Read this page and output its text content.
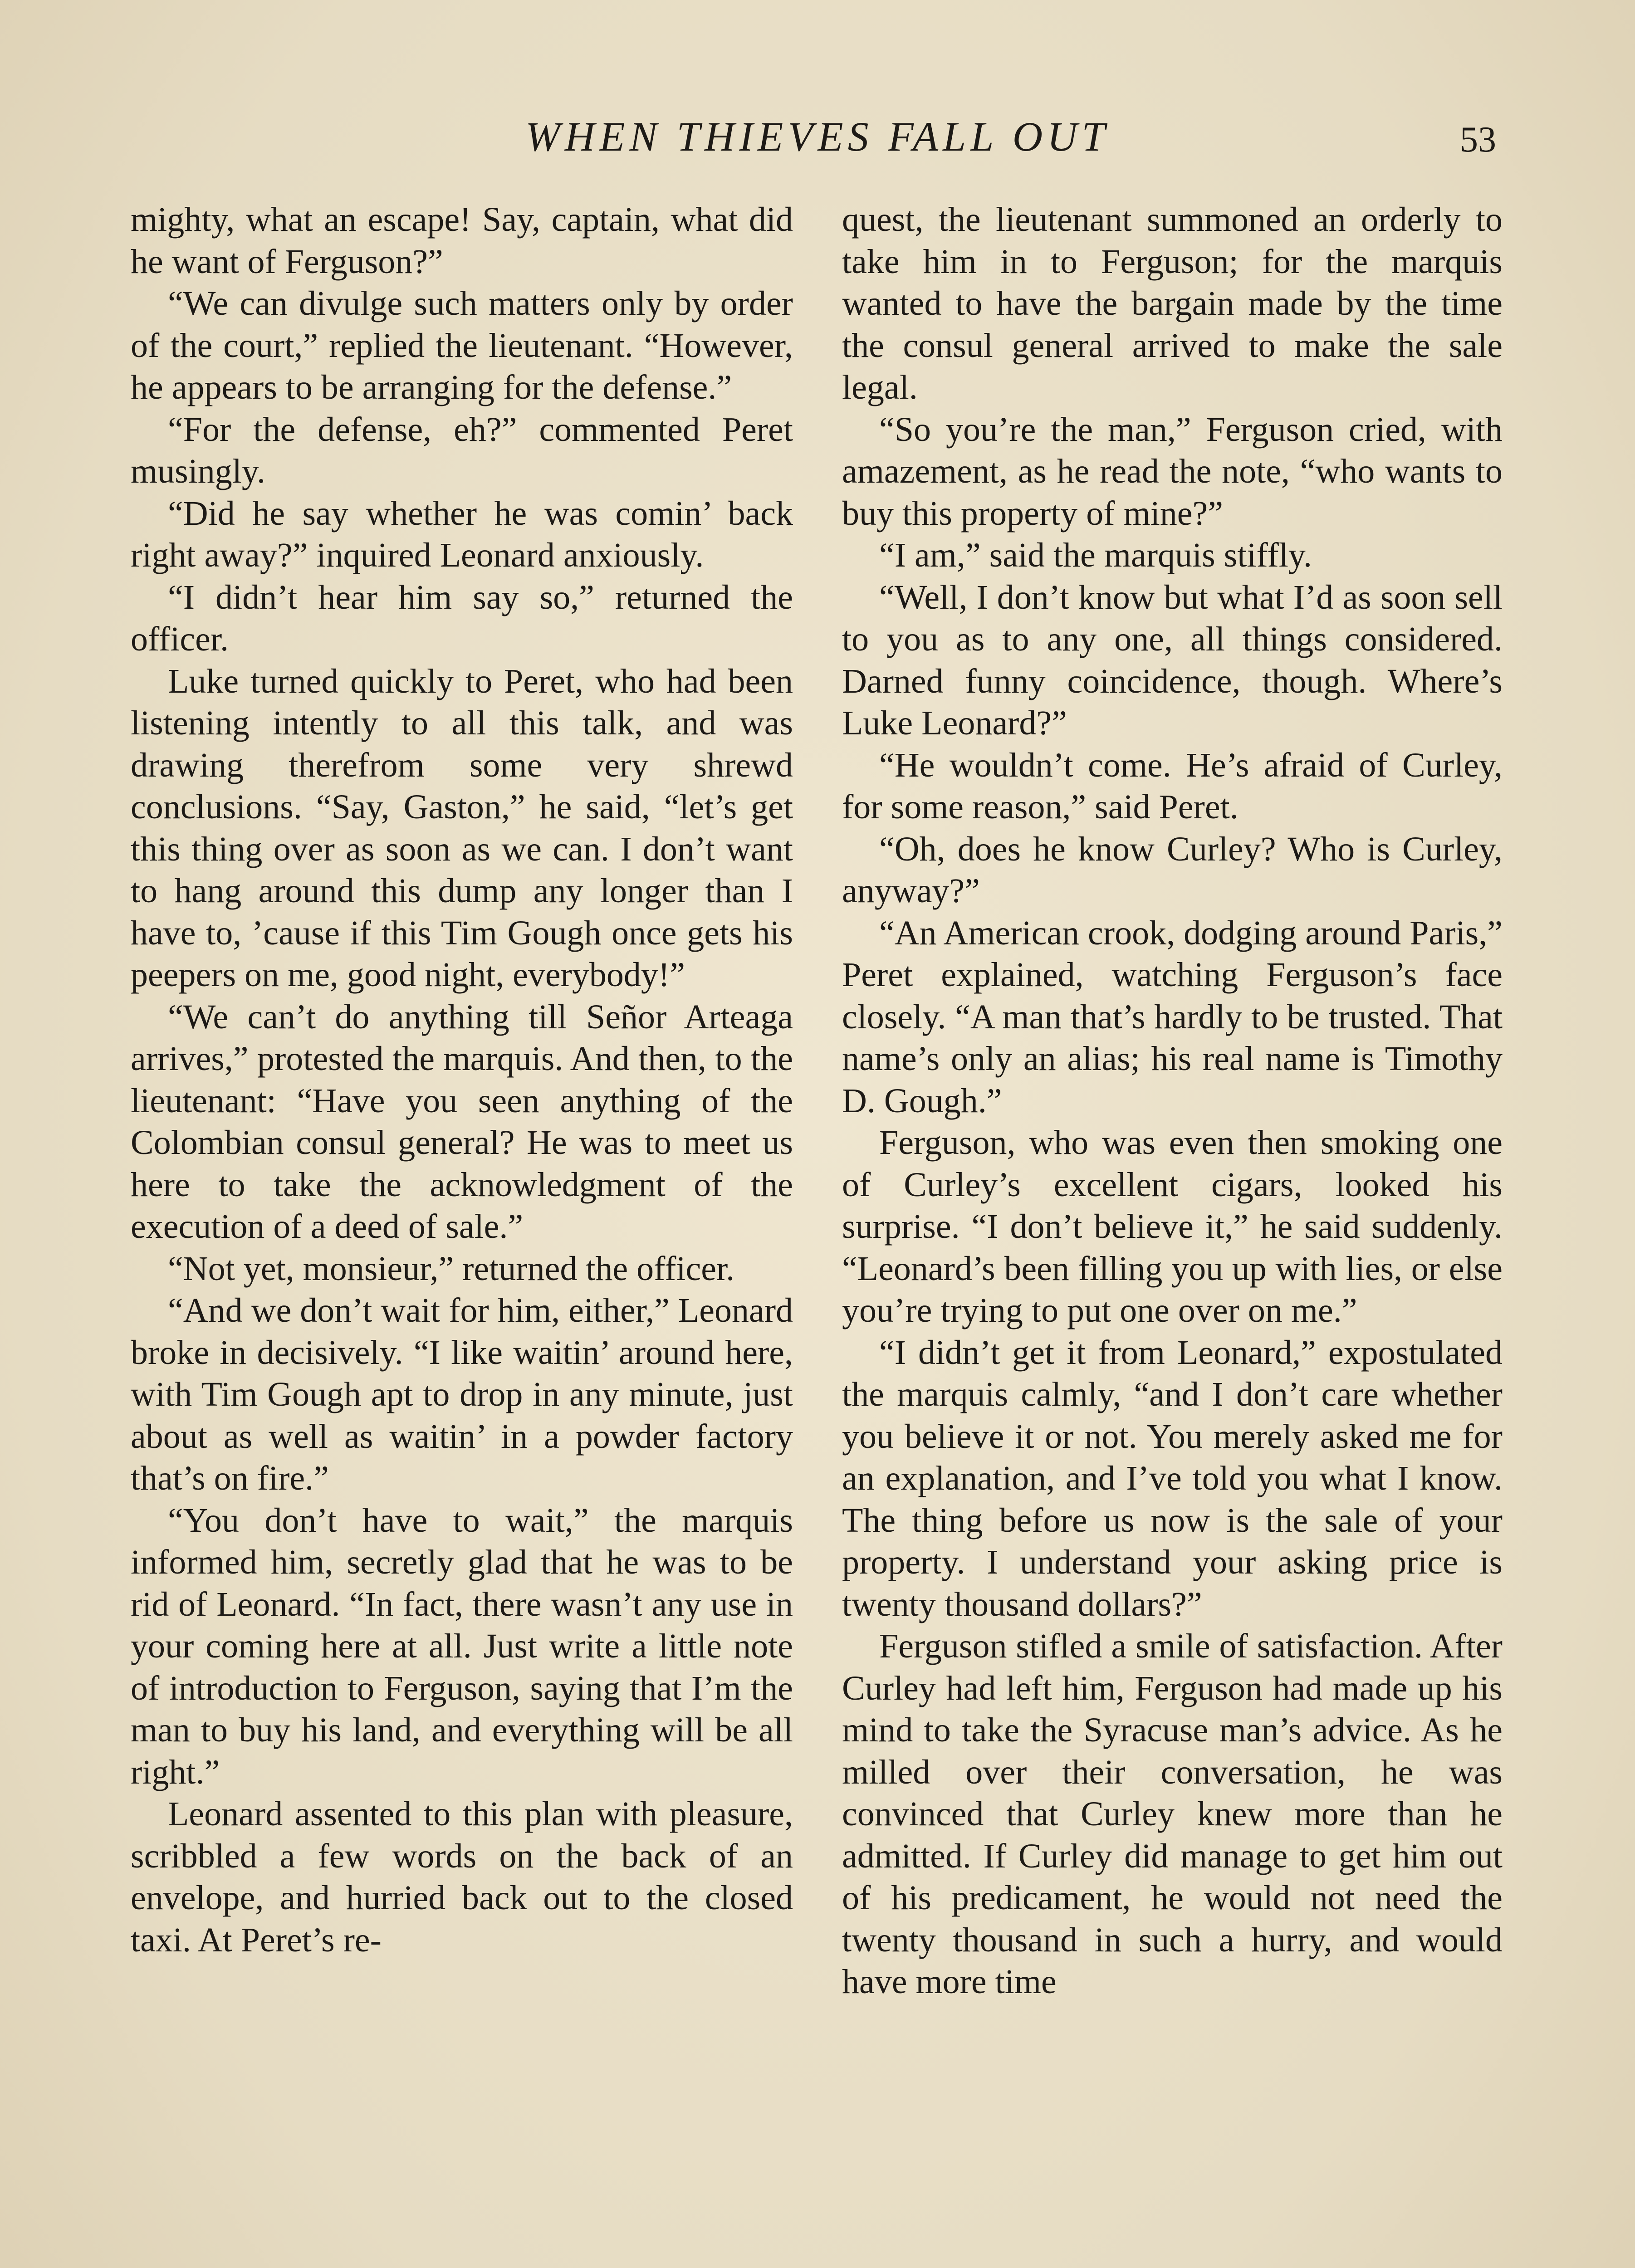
WHEN THIEVES FALL OUT	53

mighty, what an escape! Say, captain, what did he want of Ferguson?”

“We can divulge such matters only by order of the court,” replied the lieutenant. “However, he appears to be arranging for the defense.”

“For the defense, eh?” commented Peret musingly.

“Did he say whether he was comin’ back right away?” inquired Leonard anxiously.

“I didn’t hear him say so,” returned the officer.

Luke turned quickly to Peret, who had been listening intently to all this talk, and was drawing therefrom some very shrewd conclusions. “Say, Gaston,” he said, “let’s get this thing over as soon as we can. I don’t want to hang around this dump any longer than I have to, ’cause if this Tim Gough once gets his peepers on me, good night, everybody!”

“We can’t do anything till Señor Arteaga arrives,” protested the marquis. And then, to the lieutenant: “Have you seen anything of the Colombian consul general? He was to meet us here to take the acknowledgment of the execution of a deed of sale.”

“Not yet, monsieur,” returned the officer.

“And we don’t wait for him, either,” Leonard broke in decisively. “I like waitin’ around here, with Tim Gough apt to drop in any minute, just about as well as waitin’ in a powder factory that’s on fire.”

“You don’t have to wait,” the marquis informed him, secretly glad that he was to be rid of Leonard. “In fact, there wasn’t any use in your coming here at all. Just write a little note of introduction to Ferguson, saying that I’m the man to buy his land, and everything will be all right.”

Leonard assented to this plan with pleasure, scribbled a few words on the back of an envelope, and hurried back out to the closed taxi. At Peret’s re-

quest, the lieutenant summoned an orderly to take him in to Ferguson; for the marquis wanted to have the bargain made by the time the consul general arrived to make the sale legal.

“So you’re the man,” Ferguson cried, with amazement, as he read the note, “who wants to buy this property of mine?”

“I am,” said the marquis stiffly.

“Well, I don’t know but what I’d as soon sell to you as to any one, all things considered. Darned funny coincidence, though. Where’s Luke Leonard?”

“He wouldn’t come. He’s afraid of Curley, for some reason,” said Peret.

“Oh, does he know Curley? Who is Curley, anyway?”

“An American crook, dodging around Paris,” Peret explained, watching Ferguson’s face closely. “A man that’s hardly to be trusted. That name’s only an alias; his real name is Timothy D. Gough.”

Ferguson, who was even then smoking one of Curley’s excellent cigars, looked his surprise. “I don’t believe it,” he said suddenly. “Leonard’s been filling you up with lies, or else you’re trying to put one over on me.”

“I didn’t get it from Leonard,” expostulated the marquis calmly, “and I don’t care whether you believe it or not. You merely asked me for an explanation, and I’ve told you what I know. The thing before us now is the sale of your property. I understand your asking price is twenty thousand dollars?”

Ferguson stifled a smile of satisfaction. After Curley had left him, Ferguson had made up his mind to take the Syracuse man’s advice. As he milled over their conversation, he was convinced that Curley knew more than he admitted. If Curley did manage to get him out of his predicament, he would not need the twenty thousand in such a hurry, and would have more time
